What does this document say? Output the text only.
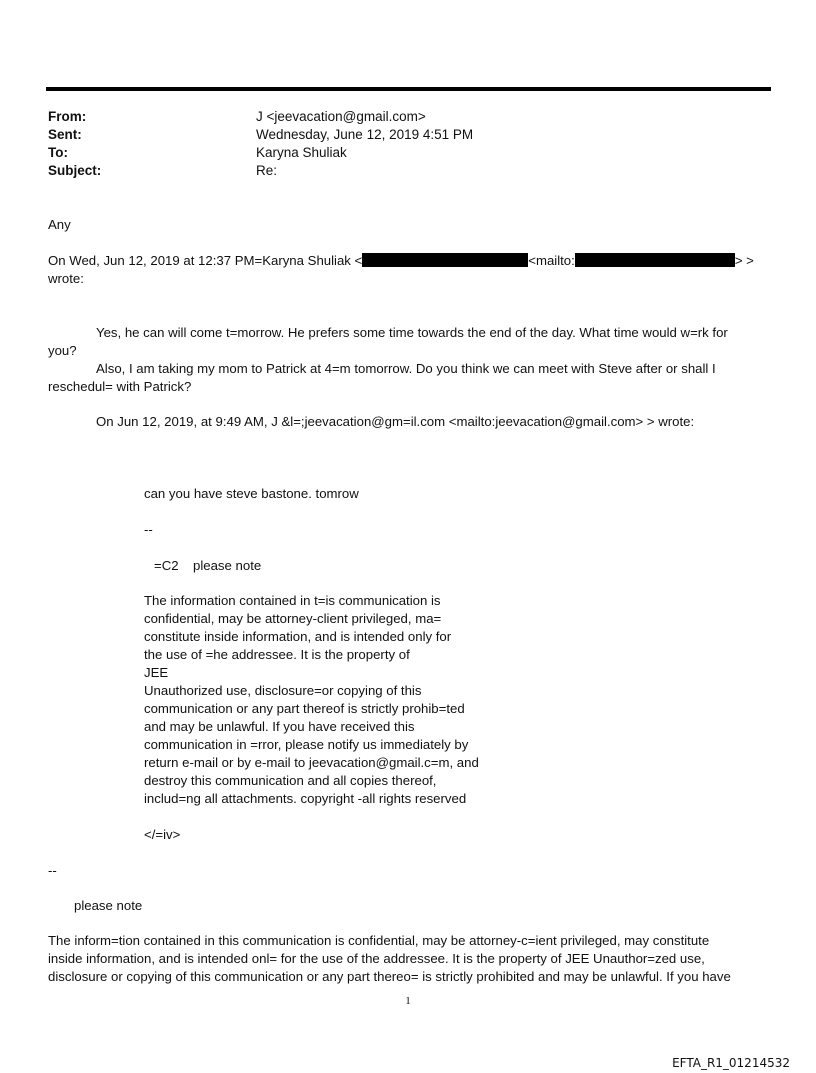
From:	J <jeevacation@gmail.com>
Sent:	Wednesday, June 12, 2019 4:51 PM
To:	Karyna Shuliak
Subject:	Re:
Any
On Wed, Jun 12, 2019 at 12:37 PM=Karyna Shuliak <	<mailto:	> >
wrote:
Yes, he can will come t=morrow. He prefers some time towards the end of the day. What time would w=rk for
you?
Also, I am taking my mom to Patrick at 4=m tomorrow. Do you think we can meet with Steve after or shall I
reschedul= with Patrick?
On Jun 12, 2019, at 9:49 AM, J &l=;jeevacation@gm=il.com <mailto:jeevacation@gmail.com> > wrote:
can you have steve bastone. tomrow
--
=C2 please note
The information contained in t=is communication is
confidential, may be attorney-client privileged, ma=
constitute inside information, and is intended only for
the use of =he addressee. It is the property of
JEE
Unauthorized use, disclosure=or copying of this
communication or any part thereof is strictly prohib=ted
and may be unlawful. If you have received this
communication in =rror, please notify us immediately by
return e-mail or by e-mail to jeevacation@gmail.c=m, and
destroy this communication and all copies thereof,
includ=ng all attachments. copyright -all rights reserved
</=iv>
--
please note
The inform=tion contained in this communication is confidential, may be attorney-c=ient privileged, may constitute
inside information, and is intended onl= for the use of the addressee. It is the property of JEE Unauthor=zed use,
disclosure or copying of this communication or any part thereo= is strictly prohibited and may be unlawful. If you have
1
EFTA_R1_01214532
